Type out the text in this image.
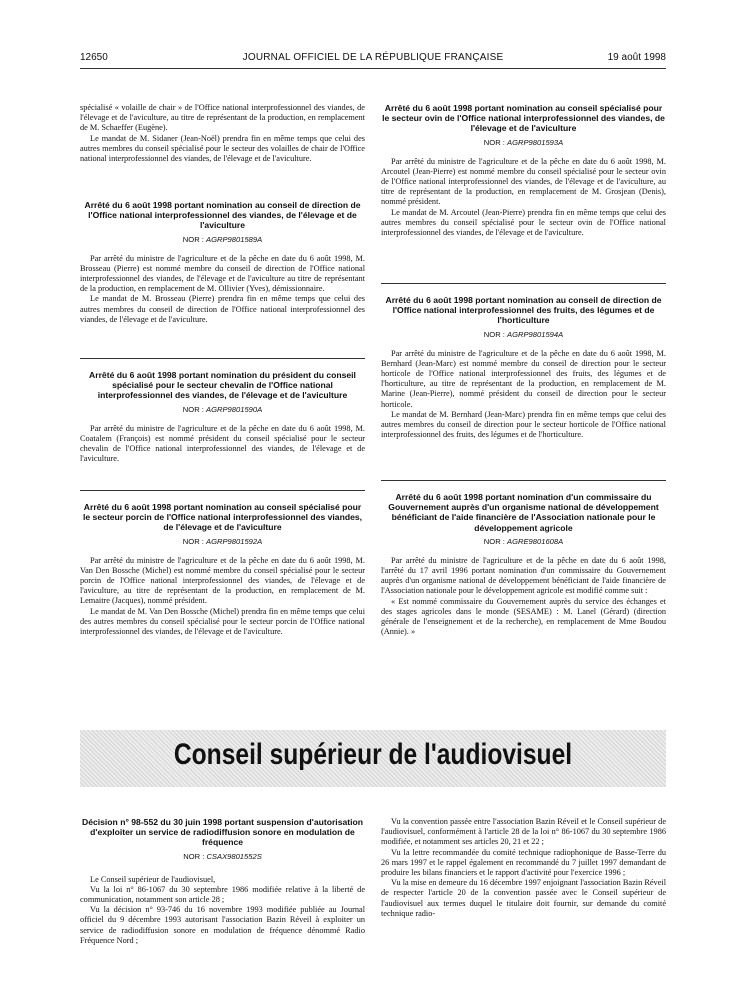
12650	JOURNAL OFFICIEL DE LA RÉPUBLIQUE FRANÇAISE	19 août 1998

spécialisé « volaille de chair » de l'Office national interprofessionnel des viandes, de l'élevage et de l'aviculture, au titre de représentant de la production, en remplacement de M. Schaeffer (Eugène).

Le mandat de M. Sidaner (Jean-Noël) prendra fin en même temps que celui des autres membres du conseil spécialisé pour le secteur des volailles de chair de l'Office national interprofessionnel des viandes, de l'élevage et de l'aviculture.

Arrêté du 6 août 1998 portant nomination au conseil de direction de l'Office national interprofessionnel des viandes, de l'élevage et de l'aviculture

NOR : AGRP9801589A

Par arrêté du ministre de l'agriculture et de la pêche en date du 6 août 1998, M. Brosseau (Pierre) est nommé membre du conseil de direction de l'Office national interprofessionnel des viandes, de l'élevage et de l'aviculture au titre de représentant de la production, en remplacement de M. Ollivier (Yves), démissionnaire.

Le mandat de M. Brosseau (Pierre) prendra fin en même temps que celui des autres membres du conseil de direction de l'Office national interprofessionnel des viandes, de l'élevage et de l'aviculture.

Arrêté du 6 août 1998 portant nomination du président du conseil spécialisé pour le secteur chevalin de l'Office national interprofessionnel des viandes, de l'élevage et de l'aviculture

NOR : AGRP9801590A

Par arrêté du ministre de l'agriculture et de la pêche en date du 6 août 1998, M. Coatalem (François) est nommé président du conseil spécialisé pour le secteur chevalin de l'Office national interprofessionnel des viandes, de l'élevage et de l'aviculture.

Arrêté du 6 août 1998 portant nomination au conseil spécialisé pour le secteur porcin de l'Office national interprofessionnel des viandes, de l'élevage et de l'aviculture

NOR : AGRP9801592A

Par arrêté du ministre de l'agriculture et de la pêche en date du 6 août 1998, M. Van Den Bossche (Michel) est nommé membre du conseil spécialisé pour le secteur porcin de l'Office national interprofessionnel des viandes, de l'élevage et de l'aviculture, au titre de représentant de la production, en remplacement de M. Lemaitre (Jacques), nommé président.

Le mandat de M. Van Den Bossche (Michel) prendra fin en même temps que celui des autres membres du conseil spécialisé pour le secteur porcin de l'Office national interprofessionnel des viandes, de l'élevage et de l'aviculture.

Arrêté du 6 août 1998 portant nomination au conseil spécialisé pour le secteur ovin de l'Office national interprofessionnel des viandes, de l'élevage et de l'aviculture

NOR : AGRP9801593A

Par arrêté du ministre de l'agriculture et de la pêche en date du 6 août 1998, M. Arcoutel (Jean-Pierre) est nommé membre du conseil spécialisé pour le secteur ovin de l'Office national interprofessionnel des viandes, de l'élevage et de l'aviculture, au titre de représentant de la production, en remplacement de M. Grosjean (Denis), nommé président.

Le mandat de M. Arcoutel (Jean-Pierre) prendra fin en même temps que celui des autres membres du conseil spécialisé pour le secteur ovin de l'Office national interprofessionnel des viandes, de l'élevage et de l'aviculture.

Arrêté du 6 août 1998 portant nomination au conseil de direction de l'Office national interprofessionnel des fruits, des légumes et de l'horticulture

NOR : AGRP9801594A

Par arrêté du ministre de l'agriculture et de la pêche en date du 6 août 1998, M. Bernhard (Jean-Marc) est nommé membre du conseil de direction pour le secteur horticole de l'Office national interprofessionnel des fruits, des légumes et de l'horticulture, au titre de représentant de la production, en remplacement de M. Marine (Jean-Pierre), nommé président du conseil de direction pour le secteur horticole.

Le mandat de M. Bernhard (Jean-Marc) prendra fin en même temps que celui des autres membres du conseil de direction pour le secteur horticole de l'Office national interprofessionnel des fruits, des légumes et de l'horticulture.

Arrêté du 6 août 1998 portant nomination d'un commissaire du Gouvernement auprès d'un organisme national de développement bénéficiant de l'aide financière de l'Association nationale pour le développement agricole

NOR : AGRE9801608A

Par arrêté du ministre de l'agriculture et de la pêche en date du 6 août 1998, l'arrêté du 17 avril 1996 portant nomination d'un commissaire du Gouvernement auprès d'un organisme national de développement bénéficiant de l'aide financière de l'Association nationale pour le développement agricole est modifié comme suit :

« Est nommé commissaire du Gouvernement auprès du service des échanges et des stages agricoles dans le monde (SESAME) : M. Lanel (Gérard) (direction générale de l'enseignement et de la recherche), en remplacement de Mme Boudou (Annie). »

Conseil supérieur de l'audiovisuel

Décision n° 98-552 du 30 juin 1998 portant suspension d'autorisation d'exploiter un service de radiodiffusion sonore en modulation de fréquence

NOR : CSAX9801552S

Le Conseil supérieur de l'audiovisuel,

Vu la loi n° 86-1067 du 30 septembre 1986 modifiée relative à la liberté de communication, notamment son article 28 ;

Vu la décision n° 93-746 du 16 novembre 1993 modifiée publiée au Journal officiel du 9 décembre 1993 autorisant l'association Bazin Réveil à exploiter un service de radiodiffusion sonore en modulation de fréquence dénommé Radio Fréquence Nord ;

Vu la convention passée entre l'association Bazin Réveil et le Conseil supérieur de l'audiovisuel, conformément à l'article 28 de la loi n° 86-1067 du 30 septembre 1986 modifiée, et notamment ses articles 20, 21 et 22 ;

Vu la lettre recommandée du comité technique radiophonique de Basse-Terre du 26 mars 1997 et le rappel également en recommandé du 7 juillet 1997 demandant de produire les bilans financiers et le rapport d'activité pour l'exercice 1996 ;

Vu la mise en demeure du 16 décembre 1997 enjoignant l'association Bazin Réveil de respecter l'article 20 de la convention passée avec le Conseil supérieur de l'audiovisuel aux termes duquel le titulaire doit fournir, sur demande du comité technique radio-
